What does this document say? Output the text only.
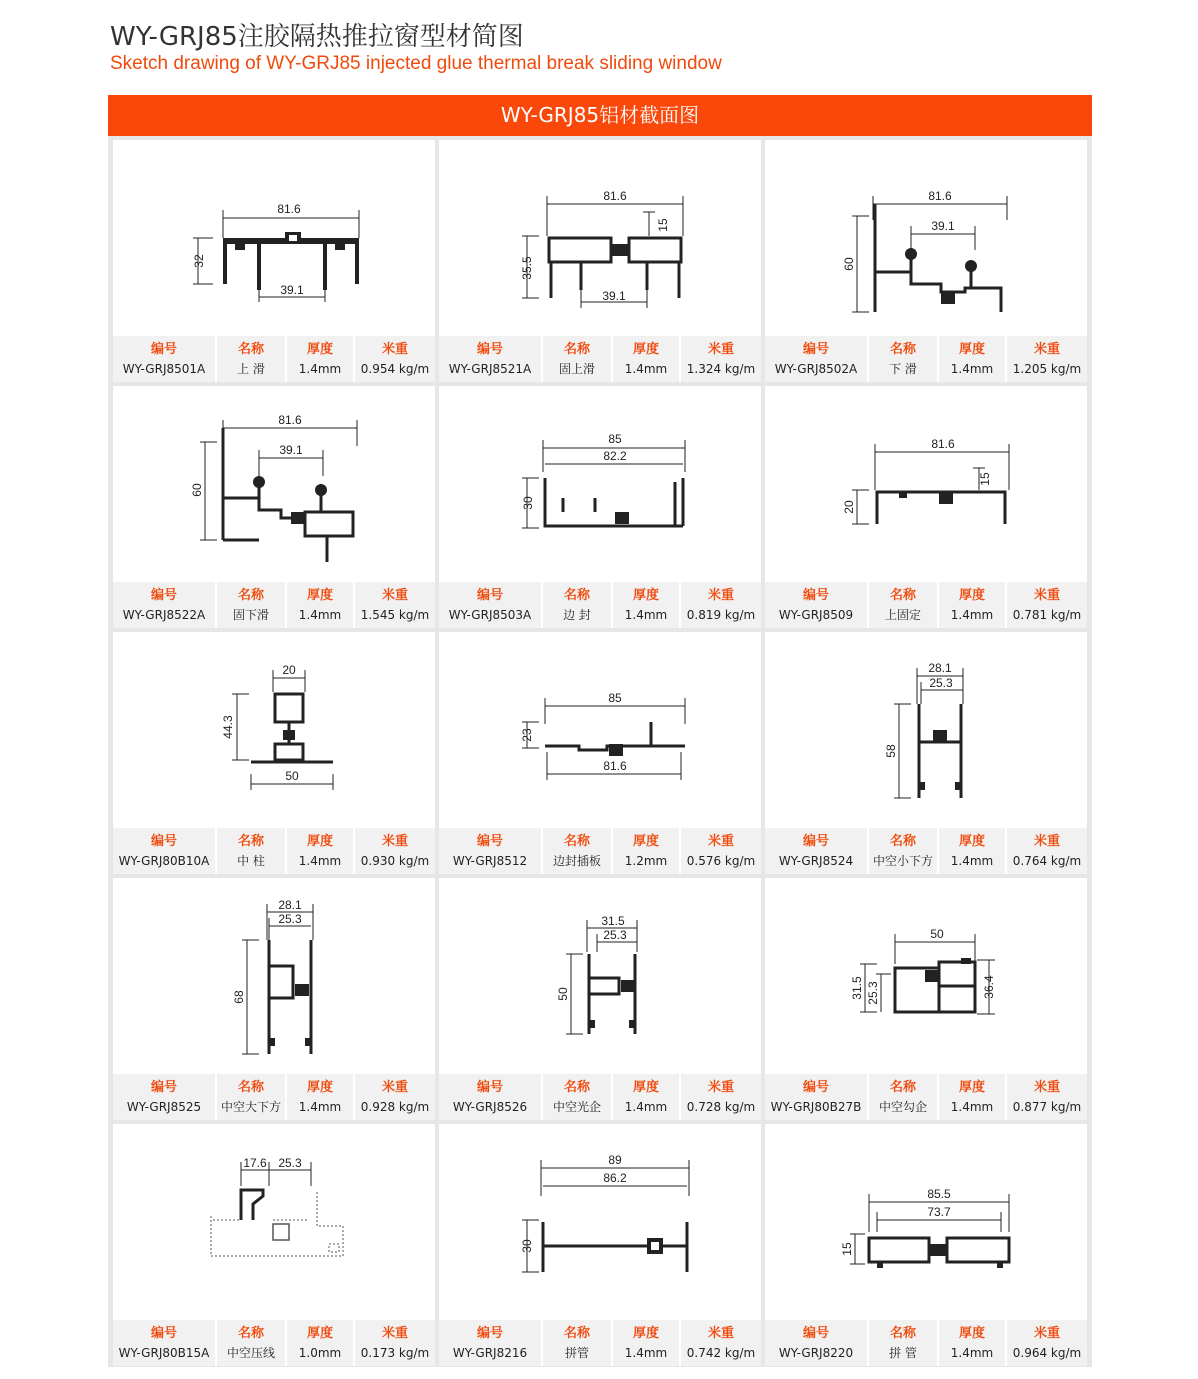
WY-GRJ85注胶隔热推拉窗型材简图
Sketch drawing of WY-GRJ85 injected glue thermal break sliding window
WY-GRJ85铝材截面图
81.6
32
39.1
编号
WY-GRJ8501A
名称
上 滑
厚度
1.4mm
米重
0.954 kg/m
81.6
15
35.5
39.1
编号
WY-GRJ8521A
名称
固上滑
厚度
1.4mm
米重
1.324 kg/m
81.6
39.1
60
编号
WY-GRJ8502A
名称
下 滑
厚度
1.4mm
米重
1.205 kg/m
81.6
39.1
60
编号
WY-GRJ8522A
名称
固下滑
厚度
1.4mm
米重
1.545 kg/m
85
82.2
30
编号
WY-GRJ8503A
名称
边 封
厚度
1.4mm
米重
0.819 kg/m
81.6
15
20
编号
WY-GRJ8509
名称
上固定
厚度
1.4mm
米重
0.781 kg/m
20
44.3
50
编号
WY-GRJ80B10A
名称
中 柱
厚度
1.4mm
米重
0.930 kg/m
85
23
81.6
编号
WY-GRJ8512
名称
边封插板
厚度
1.2mm
米重
0.576 kg/m
28.1
25.3
58
编号
WY-GRJ8524
名称
中空小下方
厚度
1.4mm
米重
0.764 kg/m
28.1
25.3
68
编号
WY-GRJ8525
名称
中空大下方
厚度
1.4mm
米重
0.928 kg/m
31.5
25.3
50
编号
WY-GRJ8526
名称
中空光企
厚度
1.4mm
米重
0.728 kg/m
50
31.5 25.3	36.4
编号
WY-GRJ80B27B
名称
中空勾企
厚度
1.4mm
米重
0.877 kg/m
17.6 25.3
编号
WY-GRJ80B15A
名称
中空压线
厚度
1.0mm
米重
0.173 kg/m
89
86.2
30
编号
WY-GRJ8216
名称
拼管
厚度
1.4mm
米重
0.742 kg/m
85.5
73.7
15
编号
WY-GRJ8220
名称
拼 管
厚度
1.4mm
米重
0.964 kg/m
